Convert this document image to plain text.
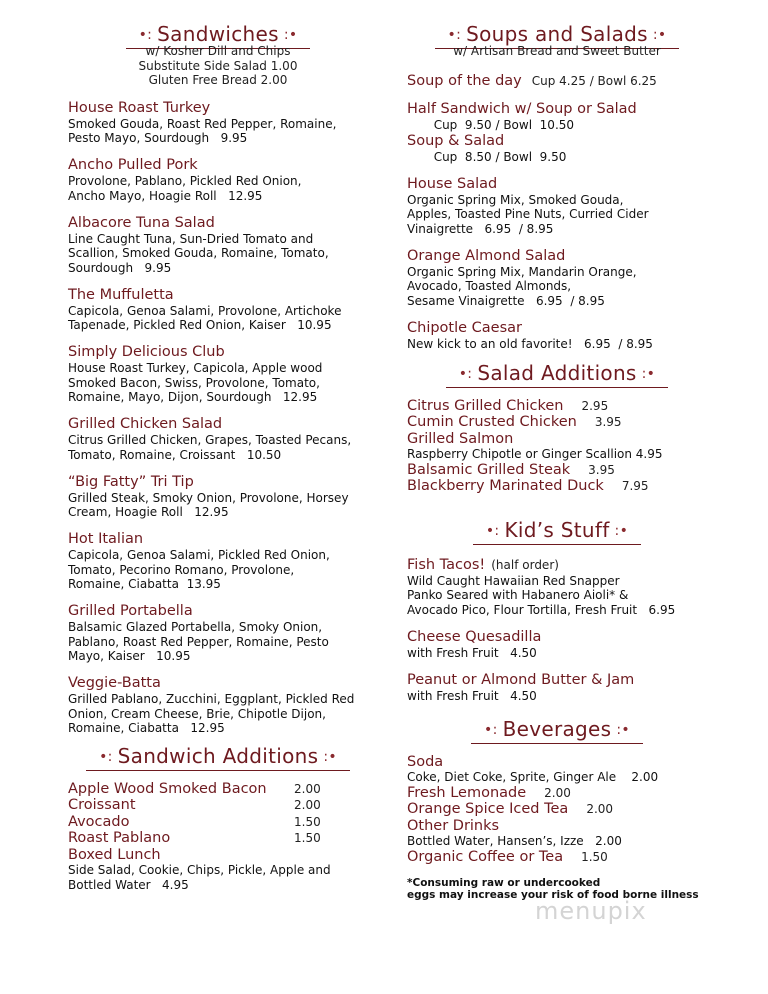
•: Sandwiches :•
w/ Kosher Dill and Chips
Substitute Side Salad 1.00
Gluten Free Bread 2.00
House Roast Turkey
Smoked Gouda, Roast Red Pepper, Romaine,
Pesto Mayo, Sourdough   9.95
Ancho Pulled Pork
Provolone, Pablano, Pickled Red Onion,
Ancho Mayo, Hoagie Roll   12.95
Albacore Tuna Salad
Line Caught Tuna, Sun-Dried Tomato and
Scallion, Smoked Gouda, Romaine, Tomato,
Sourdough   9.95
The Muffuletta
Capicola, Genoa Salami, Provolone, Artichoke
Tapenade, Pickled Red Onion, Kaiser   10.95
Simply Delicious Club
House Roast Turkey, Capicola, Apple wood
Smoked Bacon, Swiss, Provolone, Tomato,
Romaine, Mayo, Dijon, Sourdough   12.95
Grilled Chicken Salad
Citrus Grilled Chicken, Grapes, Toasted Pecans,
Tomato, Romaine, Croissant   10.50
“Big Fatty” Tri Tip
Grilled Steak, Smoky Onion, Provolone, Horsey
Cream, Hoagie Roll   12.95
Hot Italian
Capicola, Genoa Salami, Pickled Red Onion,
Tomato, Pecorino Romano, Provolone,
Romaine, Ciabatta  13.95
Grilled Portabella
Balsamic Glazed Portabella, Smoky Onion,
Pablano, Roast Red Pepper, Romaine, Pesto
Mayo, Kaiser   10.95
Veggie-Batta
Grilled Pablano, Zucchini, Eggplant, Pickled Red
Onion, Cream Cheese, Brie, Chipotle Dijon,
Romaine, Ciabatta   12.95
•: Sandwich Additions :•
Apple Wood Smoked Bacon 2.00
Croissant	2.00
Avocado	1.50
Roast Pablano	1.50
Boxed Lunch
Side Salad, Cookie, Chips, Pickle, Apple and
Bottled Water   4.95
•: Soups and Salads :•
w/ Artisan Bread and Sweet Butter
Soup of the day Cup 4.25 / Bowl 6.25
Half Sandwich w/ Soup or Salad
Cup  9.50 / Bowl  10.50
Soup & Salad
Cup  8.50 / Bowl  9.50
House Salad
Organic Spring Mix, Smoked Gouda,
Apples, Toasted Pine Nuts, Curried Cider
Vinaigrette   6.95  / 8.95
Orange Almond Salad
Organic Spring Mix, Mandarin Orange,
Avocado, Toasted Almonds,
Sesame Vinaigrette   6.95  / 8.95
Chipotle Caesar
New kick to an old favorite!   6.95  / 8.95
•: Salad Additions :•
Citrus Grilled Chicken 2.95
Cumin Crusted Chicken 3.95
Grilled Salmon
Raspberry Chipotle or Ginger Scallion 4.95
Balsamic Grilled Steak 3.95
Blackberry Marinated Duck 7.95
•: Kid’s Stuff :•
Fish Tacos! (half order)
Wild Caught Hawaiian Red Snapper
Panko Seared with Habanero Aioli* &
Avocado Pico, Flour Tortilla, Fresh Fruit   6.95
Cheese Quesadilla
with Fresh Fruit   4.50
Peanut or Almond Butter & Jam
with Fresh Fruit   4.50
•: Beverages :•
Soda
Coke, Diet Coke, Sprite, Ginger Ale    2.00
Fresh Lemonade 2.00
Orange Spice Iced Tea 2.00
Other Drinks
Bottled Water, Hansen’s, Izze   2.00
Organic Coffee or Tea 1.50
*Consuming raw or undercooked
eggs may increase your risk of food borne illness
menupix
